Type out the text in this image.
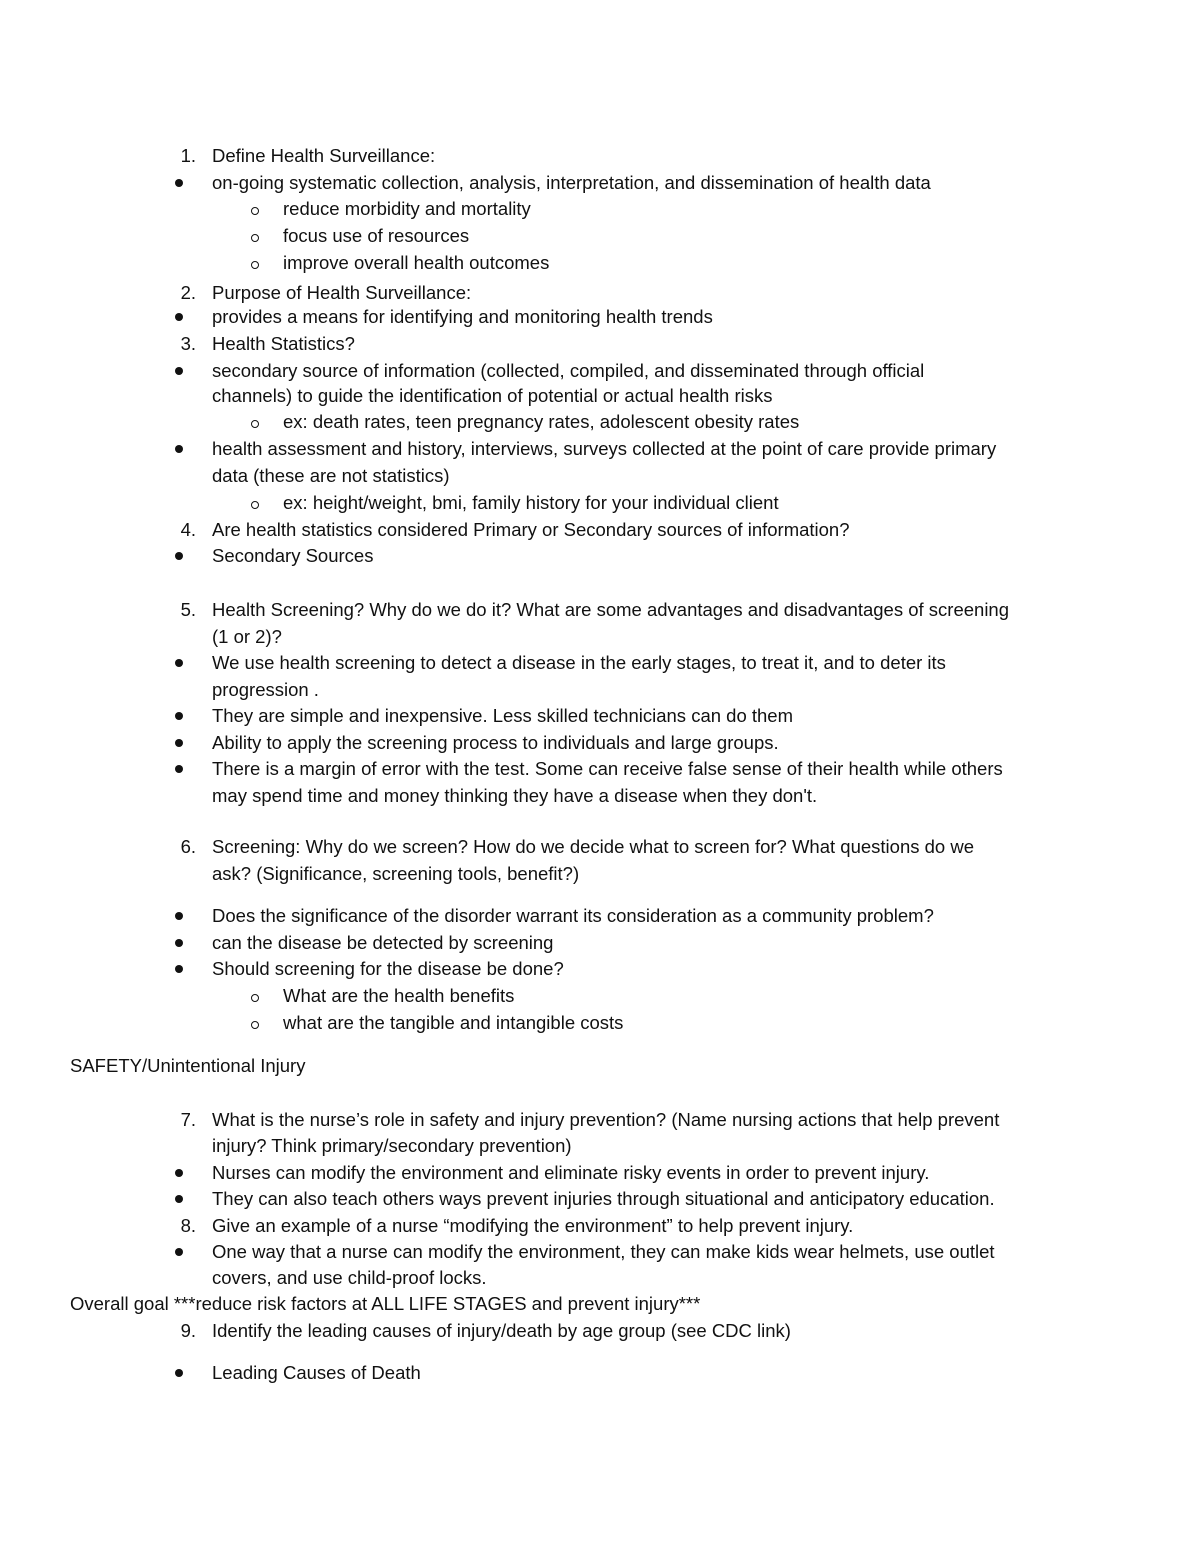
1. Define Health Surveillance:
on-going systematic collection, analysis, interpretation, and dissemination of health data
reduce morbidity and mortality
focus use of resources
improve overall health outcomes
2. Purpose of Health Surveillance:
provides a means for identifying and monitoring health trends
3. Health Statistics?
secondary source of information (collected, compiled, and disseminated through official
channels) to guide the identification of potential or actual health risks
ex: death rates, teen pregnancy rates, adolescent obesity rates
health assessment and history, interviews, surveys collected at the point of care provide primary
data (these are not statistics)
ex: height/weight, bmi, family history for your individual client
4. Are health statistics considered Primary or Secondary sources of information?
Secondary Sources
5. Health Screening? Why do we do it? What are some advantages and disadvantages of screening
(1 or 2)?
We use health screening to detect a disease in the early stages, to treat it, and to deter its
progression .
They are simple and inexpensive. Less skilled technicians can do them
Ability to apply the screening process to individuals and large groups.
There is a margin of error with the test. Some can receive false sense of their health while others
may spend time and money thinking they have a disease when they don't.
6. Screening: Why do we screen? How do we decide what to screen for? What questions do we
ask? (Significance, screening tools, benefit?)
Does the significance of the disorder warrant its consideration as a community problem?
can the disease be detected by screening
Should screening for the disease be done?
What are the health benefits
what are the tangible and intangible costs
SAFETY/Unintentional Injury
7. What is the nurse’s role in safety and injury prevention? (Name nursing actions that help prevent
injury? Think primary/secondary prevention)
Nurses can modify the environment and eliminate risky events in order to prevent injury.
They can also teach others ways prevent injuries through situational and anticipatory education.
8. Give an example of a nurse “modifying the environment” to help prevent injury.
One way that a nurse can modify the environment, they can make kids wear helmets, use outlet
covers, and use child-proof locks.
Overall goal ***reduce risk factors at ALL LIFE STAGES and prevent injury***
9. Identify the leading causes of injury/death by age group (see CDC link)
Leading Causes of Death
